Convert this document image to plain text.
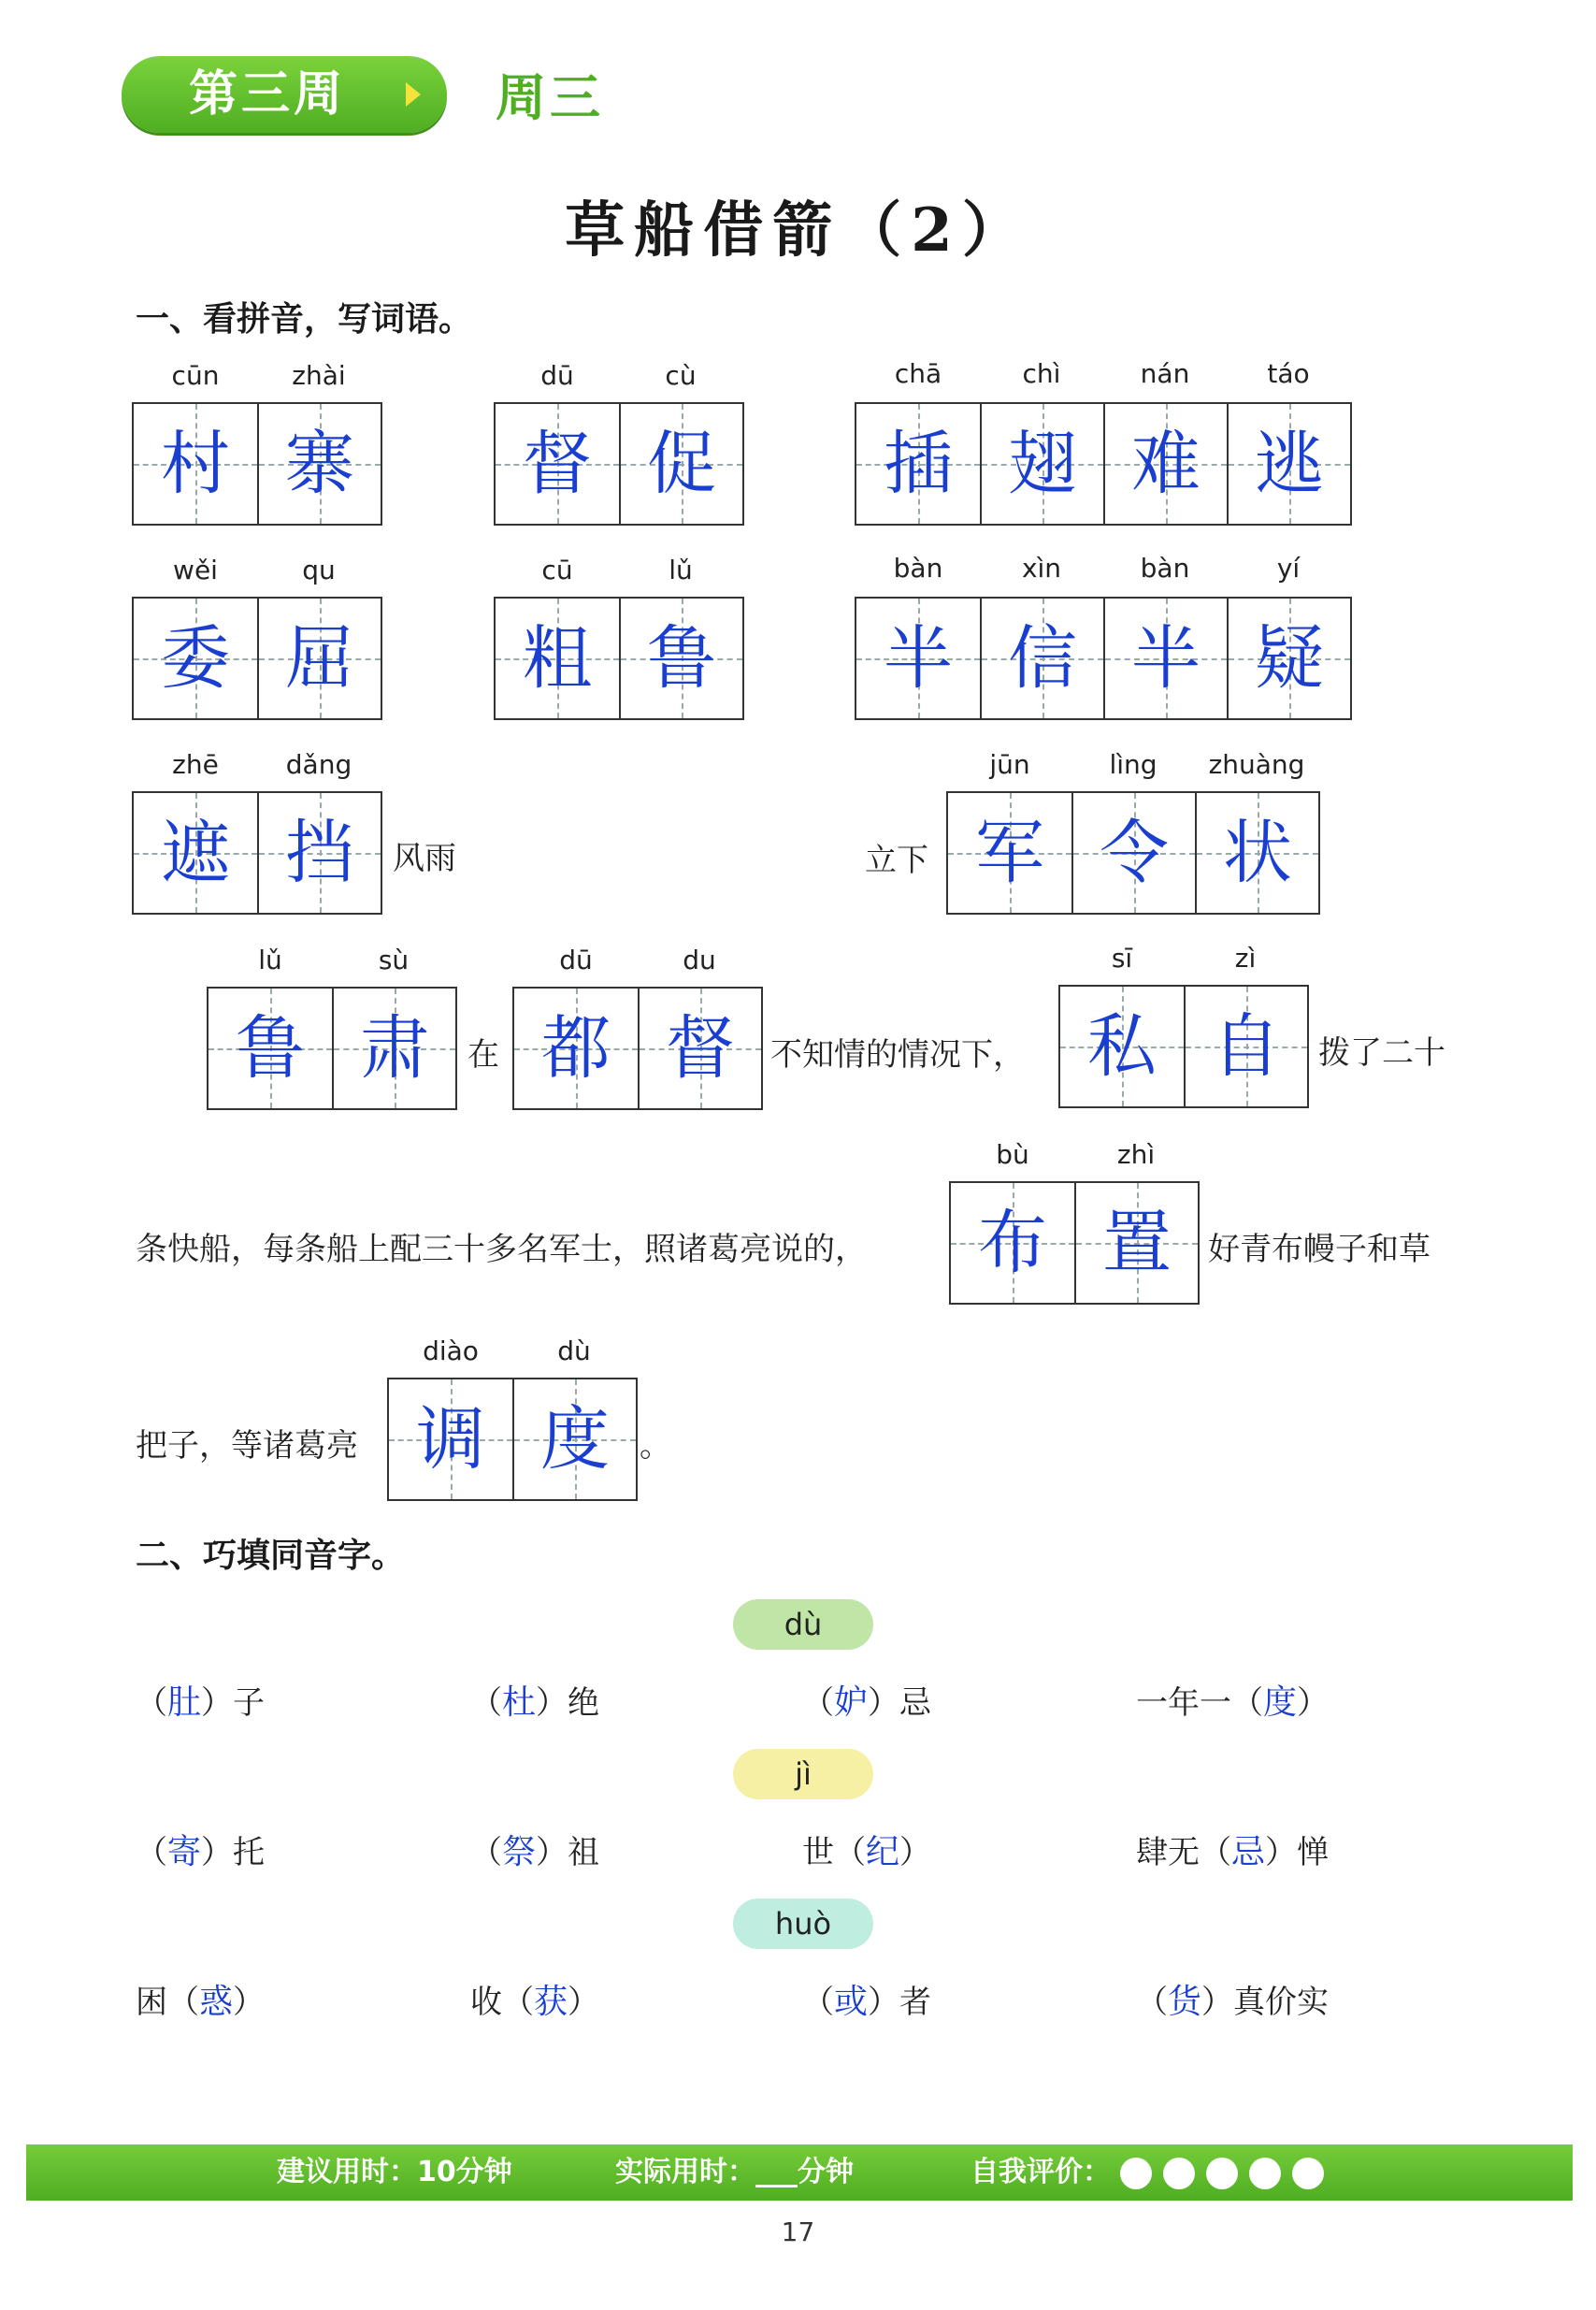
第三周	周三
草船借箭（2）
一、看拼音，写词语。
cūn	zhài
村 寨
dū	cù
督 促
chā	chì	nán	táo
插 翅 难 逃
wěi	qu
委 屈
cū	lǔ
粗 鲁
bàn	xìn	bàn	yí
半 信 半 疑
zhē	dǎng
遮 挡	风雨	立下
jūn	lìng	zhuàng
军 令 状
lǔ	sù
鲁 肃	在
dū	du
都 督	不知情的情况下，
sī	zì
私 自	拨了二十
条快船，每条船上配三十多名军士，照诸葛亮说的，
bù	zhì
布 置	好青布幔子和草
把子，等诸葛亮
diào	dù
调 度 。
二、巧填同音字。
dù
（肚）子	（杜）绝	（妒）忌	一年一（度）
jì
（寄）托	（祭）祖	世（纪）	肆无（忌）惮
huò
困（惑）	收（获）	（或）者	（货）真价实
建议用时：10分钟	实际用时：___分钟	自我评价：
17
